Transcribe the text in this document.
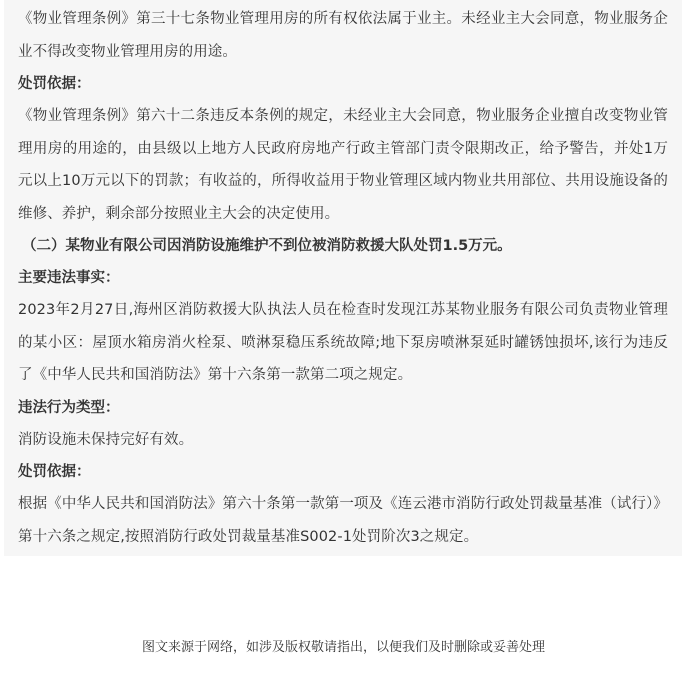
《物业管理条例》第三十七条物业管理用房的所有权依法属于业主。未经业主大会同意，物业服务企业不得改变物业管理用房的用途。

处罚依据：

《物业管理条例》第六十二条违反本条例的规定，未经业主大会同意，物业服务企业擅自改变物业管理用房的用途的，由县级以上地方人民政府房地产行政主管部门责令限期改正，给予警告，并处1万元以上10万元以下的罚款；有收益的，所得收益用于物业管理区域内物业共用部位、共用设施设备的维修、养护，剩余部分按照业主大会的决定使用。

（二）某物业有限公司因消防设施维护不到位被消防救援大队处罚1.5万元。

主要违法事实：

2023年2月27日,海州区消防救援大队执法人员在检查时发现江苏某物业服务有限公司负责物业管理的某小区：屋顶水箱房消火栓泵、喷淋泵稳压系统故障;地下泵房喷淋泵延时罐锈蚀损坏,该行为违反了《中华人民共和国消防法》第十六条第一款第二项之规定。

违法行为类型：

消防设施未保持完好有效。

处罚依据：

根据《中华人民共和国消防法》第六十条第一款第一项及《连云港市消防行政处罚裁量基准（试行）》第十六条之规定,按照消防行政处罚裁量基准S002-1处罚阶次3之规定。

图文来源于网络，如涉及版权敬请指出，以便我们及时删除或妥善处理
